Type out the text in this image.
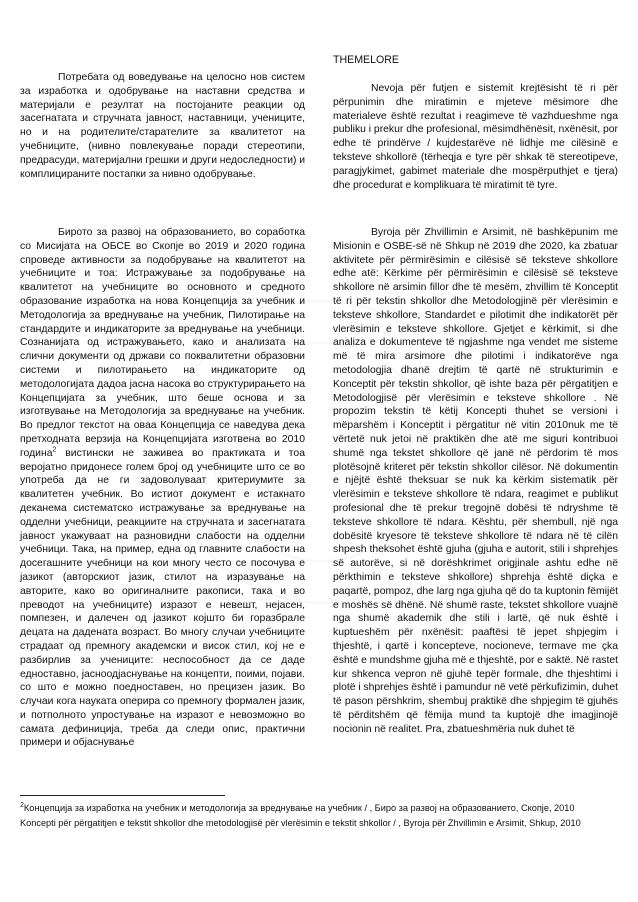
THEMELORE

Потребата од воведување на целосно нов систем за изработка и одобрување на наставни средства и материјали е резултат на постојаните реакции од засегнатата и стручната јавност, наставници, учениците, но и на родителите/старателите за квалитетот на учебниците, (нивно повлекување поради стереотипи, предрасуди, материјални грешки и други недоследности) и комплицираните постапки за нивно одобрување.

Бирото за развој на образованието, во соработка со Мисијата на ОБСЕ во Скопје во 2019 и 2020 година спроведе активности за подобрување на квалитетот на учебниците и тоа: Истражување за подобрување на квалитетот на учебниците во основното и средното образование изработка на нова Концепција за учебник и Методологија за вреднување на учебник, Пилотирање на стандардите и индикаторите за вреднување на учебници. Сознанијата од истражувањето, како и анализата на слични документи од држави со поквалитетни образовни системи и пилотирањето на индикаторите од методологијата дадоа јасна насока во структурирањето на Концепцијата за учебник, што беше основа и за изготвување на Методологија за вреднување на учебник. Во предлог текстот на оваа Концепција се наведува дека претходната верзија на Концепцијата изготвена во 2010 година$^2$ вистински не заживеа во практиката и тоа веројатно придонесе голем број од учебниците што се во употреба да не ги задоволуваат критериумите за квалитетен учебник. Во истиот документ е истакнато деканема систематско истражување за вреднување на одделни учебници, реакциите на стручната и засегнатата јавност укажуваат на разновидни слабости на одделни учебници. Така, на пример, една од главните слабости на досегашните учебници на кои многу често се посочува е јазикот (авторскиот јазик, стилот на изразување на авторите, како во оригиналните ракописи, така и во преводот на учебниците) изразот е невешт, нејасен, помпезен, и далечен од јазикот којшто би горазбрале децата на дадената возраст. Во многу случаи учебниците страдаат од премногу академски и висок стил, кој не е разбирлив за учениците: неспособност да се даде едноставно, јасноодјаснување на концепти, поими, појави. со што е можно поедноставен, но прецизен јазик. Во случаи кога науката оперира со премногу формален јазик, и потполното упростување на изразот е невозможно во самата дефиниција, треба да следи опис, практични примери и објаснување

Nevoja për futjen e sistemit krejtësisht të ri për përpunimin dhe miratimin e mjeteve mësimore dhe materialeve është rezultat i reagimeve të vazhdueshme nga publiku i prekur dhe profesional, mësimdhënësit, nxënësit, por edhe të prindërve / kujdestarëve në lidhje me cilësinë e teksteve shkollorë (tërheqja e tyre për shkak të stereotipeve, paragjykimet, gabimet materiale dhe mospërputhjet e tjera) dhe procedurat e komplikuara të miratimit të tyre.

Byroja për Zhvillimin e Arsimit, në bashkëpunim me Misionin e OSBE-së në Shkup në 2019 dhe 2020, ka zbatuar aktivitete për përmirësimin e cilësisë së teksteve shkollore edhe atë: Kërkime për përmirësimin e cilësisë së teksteve shkollore në arsimin fillor dhe të mesëm, zhvillim të Konceptit të ri për tekstin shkollor dhe Metodologjinë për vlerësimin e teksteve shkollore, Standardet e pilotimit dhe indikatorët për vlerësimin e teksteve shkollore. Gjetjet e kërkimit, si dhe analiza e dokumenteve të ngjashme nga vendet me sisteme më të mira arsimore dhe pilotimi i indikatorëve nga metodologjia dhanë drejtim të qartë në strukturimin e Konceptit për tekstin shkollor, që ishte baza për përgatitjen e Metodologjisë për vlerësimin e teksteve shkollore . Në propozim tekstin të këtij Koncepti thuhet se versioni i mëparshëm i Konceptit i përgatitur në vitin 2010nuk me të vërtetë nuk jetoi në praktikën dhe atë me siguri kontribuoi shumë nga tekstet shkollore që janë në përdorim të mos plotësojnë kriteret për tekstin shkollor cilësor. Në dokumentin e njëjtë është theksuar se nuk ka kërkim sistematik për vlerësimin e teksteve shkollore të ndara, reagimet e publikut profesional dhe të prekur tregojnë dobësi të ndryshme të teksteve shkollore të ndara. Kështu, për shembull, një nga dobësitë kryesore të teksteve shkollore të ndara në të cilën shpesh theksohet është gjuha (gjuha e autorit, stili i shprehjes së autorëve, si në dorëshkrimet origjinale ashtu edhe në përkthimin e teksteve shkollore) shprehja është diçka e paqartë, pompoz, dhe larg nga gjuha që do ta kuptonin fëmijët e moshës së dhënë. Në shumë raste, tekstet shkollore vuajnë nga shumë akademik dhe stili i lartë, që nuk është i kuptueshëm për nxënësit: paaftësi të jepet shpjegim i thjeshtë, i qartë i koncepteve, nocioneve, termave me çka është e mundshme gjuha më e thjeshtë, por e saktë. Në rastet kur shkenca vepron në gjuhë tepër formale, dhe thjeshtimi i plotë i shprehjes është i pamundur në vetë përkufizimin, duhet të pason përshkrim, shembuj praktikë dhe shpjegim të gjuhës të përditshëm që fëmija mund ta kuptojë dhe imagjinojë nocionin në realitet. Pra, zbatueshmëria nuk duhet të

$^2$Концепција за изработка на учебник и методологија за вреднување на учебник / , Биро за развој на образованието, Скопје, 2010
Koncepti për përgatitjen e tekstit shkollor dhe metodologjisë për vlerësimin e tekstit shkollor / , Byroja për Zhvillimin e Arsimit, Shkup, 2010
